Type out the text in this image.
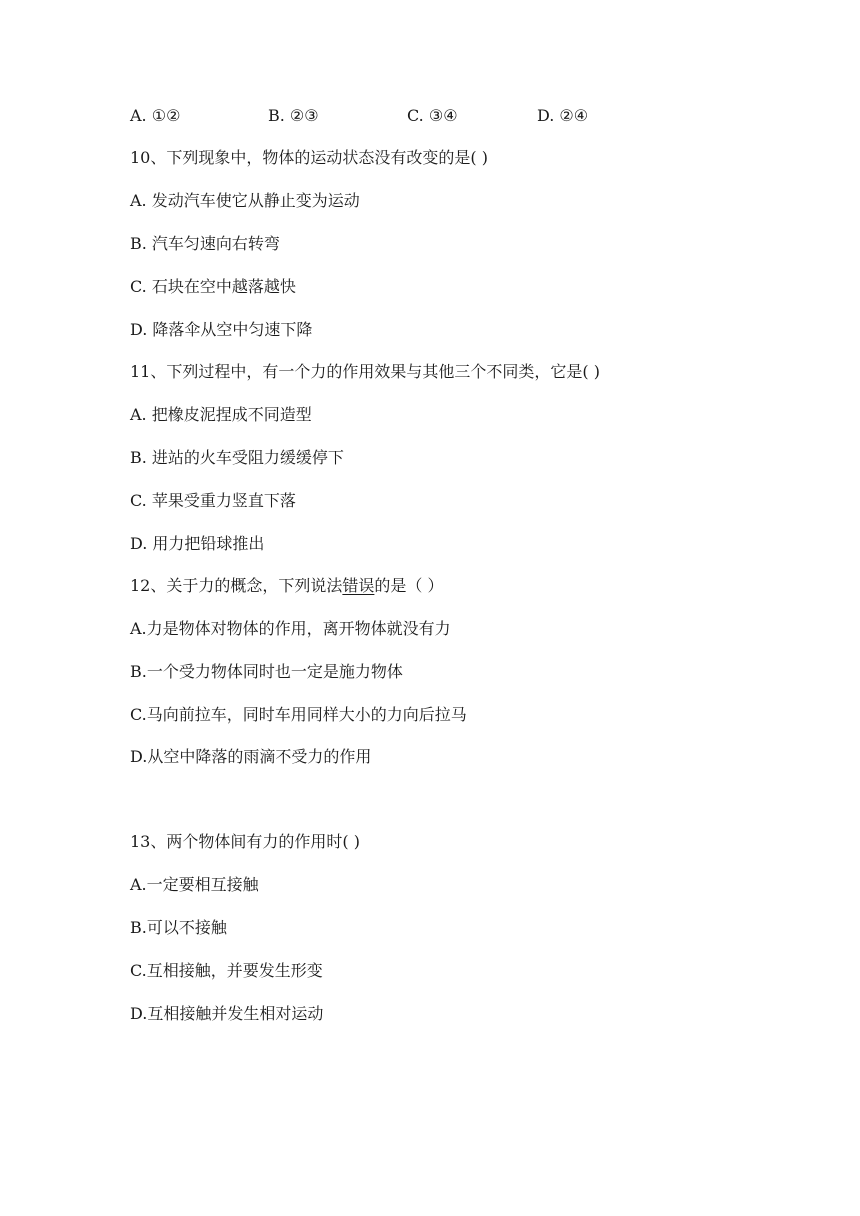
A. ①②	B. ②③	C. ③④	D. ②④
10、下列现象中，物体的运动状态没有改变的是( )
A. 发动汽车使它从静止变为运动
B. 汽车匀速向右转弯
C. 石块在空中越落越快
D. 降落伞从空中匀速下降
11、下列过程中，有一个力的作用效果与其他三个不同类，它是( )
A. 把橡皮泥捏成不同造型
B. 进站的火车受阻力缓缓停下
C. 苹果受重力竖直下落
D. 用力把铅球推出
12、关于力的概念，下列说法错误的是（ ）
A.力是物体对物体的作用，离开物体就没有力
B.一个受力物体同时也一定是施力物体
C.马向前拉车，同时车用同样大小的力向后拉马
D.从空中降落的雨滴不受力的作用
13、两个物体间有力的作用时( )
A.一定要相互接触
B.可以不接触
C.互相接触，并要发生形变
D.互相接触并发生相对运动
